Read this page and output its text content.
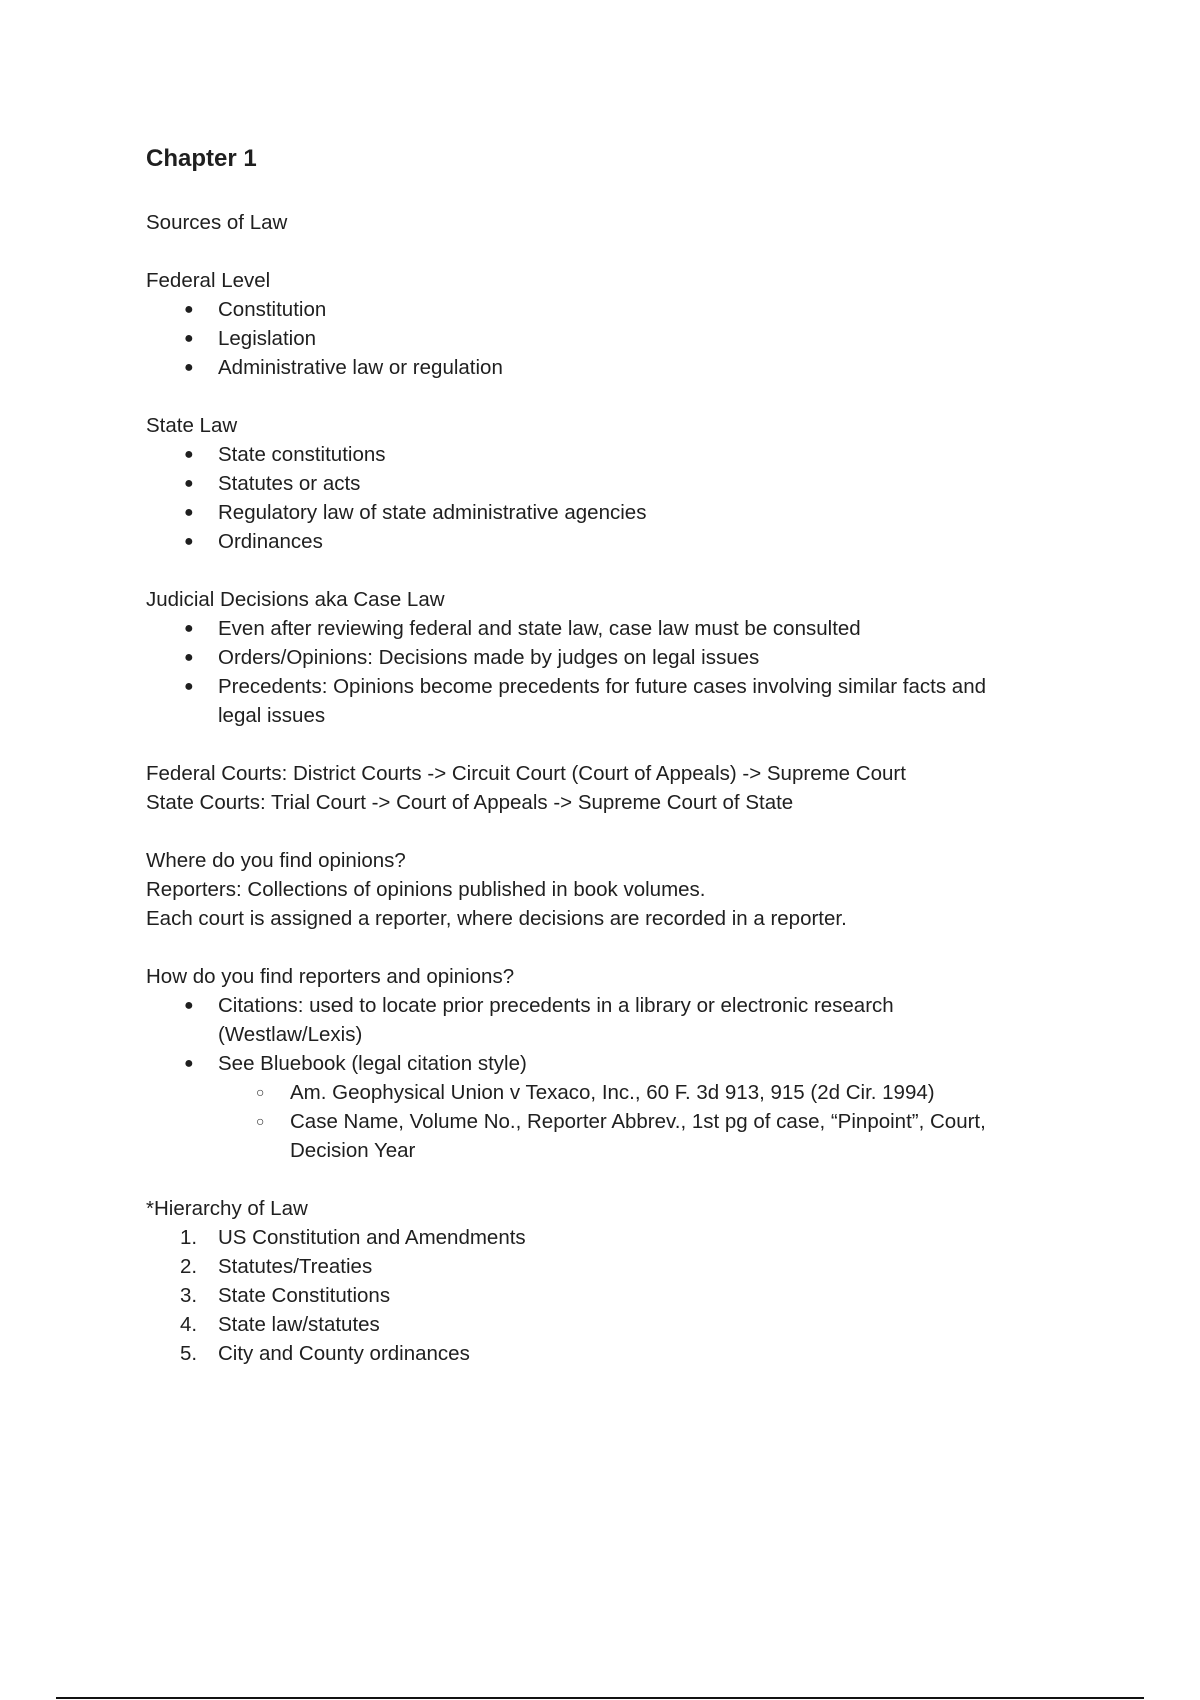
Chapter 1

Sources of Law

Federal Level

● Constitution
● Legislation
● Administrative law or regulation

State Law

● State constitutions
● Statutes or acts
● Regulatory law of state administrative agencies
● Ordinances

Judicial Decisions aka Case Law

● Even after reviewing federal and state law, case law must be consulted
● Orders/Opinions: Decisions made by judges on legal issues
● Precedents: Opinions become precedents for future cases involving similar facts and
legal issues

Federal Courts: District Courts -> Circuit Court (Court of Appeals) -> Supreme Court

State Courts: Trial Court -> Court of Appeals -> Supreme Court of State

Where do you find opinions?

Reporters: Collections of opinions published in book volumes.

Each court is assigned a reporter, where decisions are recorded in a reporter.

How do you find reporters and opinions?

● Citations: used to locate prior precedents in a library or electronic research
(Westlaw/Lexis)
● See Bluebook (legal citation style)
○ Am. Geophysical Union v Texaco, Inc., 60 F. 3d 913, 915 (2d Cir. 1994)
○ Case Name, Volume No., Reporter Abbrev., 1st pg of case, “Pinpoint”, Court,
Decision Year

*Hierarchy of Law

1. US Constitution and Amendments
2. Statutes/Treaties
3. State Constitutions
4. State law/statutes
5. City and County ordinances
